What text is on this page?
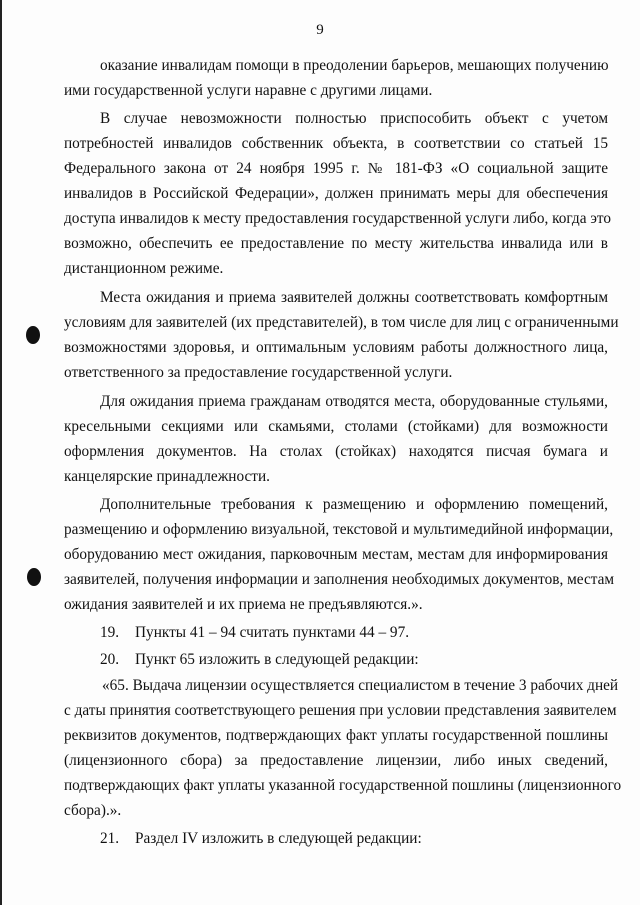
9
оказание инвалидам помощи в преодолении барьеров, мешающих получению
ими государственной услуги наравне с другими лицами.
В случае невозможности полностью приспособить объект с учетом
потребностей инвалидов собственник объекта, в соответствии со статьей 15
Федерального закона от 24 ноября 1995 г. № 181-ФЗ «О социальной защите
инвалидов в Российской Федерации», должен принимать меры для обеспечения
доступа инвалидов к месту предоставления государственной услуги либо, когда это
возможно, обеспечить ее предоставление по месту жительства инвалида или в
дистанционном режиме.
Места ожидания и приема заявителей должны соответствовать комфортным
условиям для заявителей (их представителей), в том числе для лиц с ограниченными
возможностями здоровья, и оптимальным условиям работы должностного лица,
ответственного за предоставление государственной услуги.
Для ожидания приема гражданам отводятся места, оборудованные стульями,
кресельными секциями или скамьями, столами (стойками) для возможности
оформления документов. На столах (стойках) находятся писчая бумага и
канцелярские принадлежности.
Дополнительные требования к размещению и оформлению помещений,
размещению и оформлению визуальной, текстовой и мультимедийной информации,
оборудованию мест ожидания, парковочным местам, местам для информирования
заявителей, получения информации и заполнения необходимых документов, местам
ожидания заявителей и их приема не предъявляются.».
19. Пункты 41 – 94 считать пунктами 44 – 97.
20. Пункт 65 изложить в следующей редакции:
«65. Выдача лицензии осуществляется специалистом в течение 3 рабочих дней
с даты принятия соответствующего решения при условии представления заявителем
реквизитов документов, подтверждающих факт уплаты государственной пошлины
(лицензионного сбора) за предоставление лицензии, либо иных сведений,
подтверждающих факт уплаты указанной государственной пошлины (лицензионного
сбора).».
21. Раздел IV изложить в следующей редакции:
